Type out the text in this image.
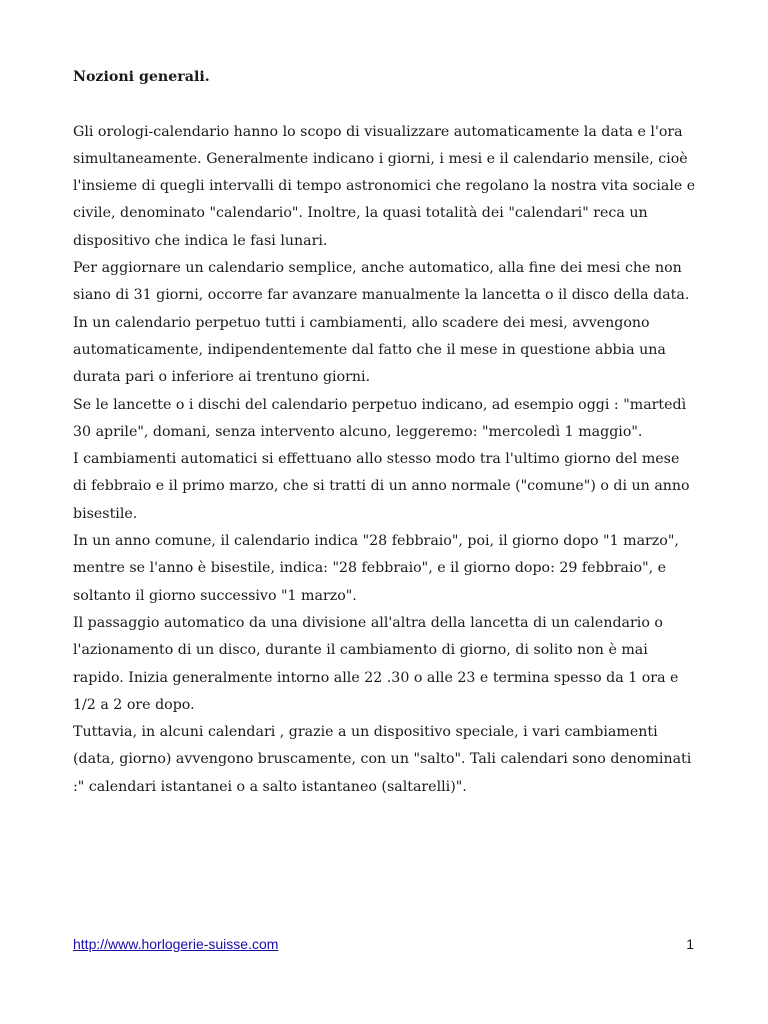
Nozioni generali.

Gli orologi-calendario hanno lo scopo di visualizzare automaticamente la data e l'ora simultaneamente. Generalmente indicano i giorni, i mesi e il calendario mensile, cioè l'insieme di quegli intervalli di tempo astronomici che regolano la nostra vita sociale e civile, denominato "calendario". Inoltre, la quasi totalità dei "calendari" reca un dispositivo che indica le fasi lunari.

Per aggiornare un calendario semplice, anche automatico, alla fine dei mesi che non siano di 31 giorni, occorre far avanzare manualmente la lancetta o il disco della data.

In un calendario perpetuo tutti i cambiamenti, allo scadere dei mesi, avvengono automaticamente, indipendentemente dal fatto che il mese in questione abbia una durata pari o inferiore ai trentuno giorni.

Se le lancette o i dischi del calendario perpetuo indicano, ad esempio oggi : "martedì 30 aprile", domani, senza intervento alcuno, leggeremo: "mercoledì 1 maggio".

I cambiamenti automatici si effettuano allo stesso modo tra l'ultimo giorno del mese di febbraio e il primo marzo, che si tratti di un anno normale ("comune") o di un anno bisestile.

In un anno comune, il calendario indica "28 febbraio", poi, il giorno dopo "1 marzo", mentre se l'anno è bisestile, indica: "28 febbraio", e il giorno dopo: 29 febbraio", e soltanto il giorno successivo "1 marzo".

Il passaggio automatico da una divisione all'altra della lancetta di un calendario o l'azionamento di un disco, durante il cambiamento di giorno, di solito non è mai rapido. Inizia generalmente intorno alle 22 .30 o alle 23 e termina spesso da 1 ora e 1/2 a 2 ore dopo.

Tuttavia, in alcuni calendari , grazie a un dispositivo speciale, i vari cambiamenti (data, giorno) avvengono bruscamente, con un "salto". Tali calendari sono denominati :" calendari istantanei o a salto istantaneo (saltarelli)".

http://www.horlogerie-suisse.com	1
